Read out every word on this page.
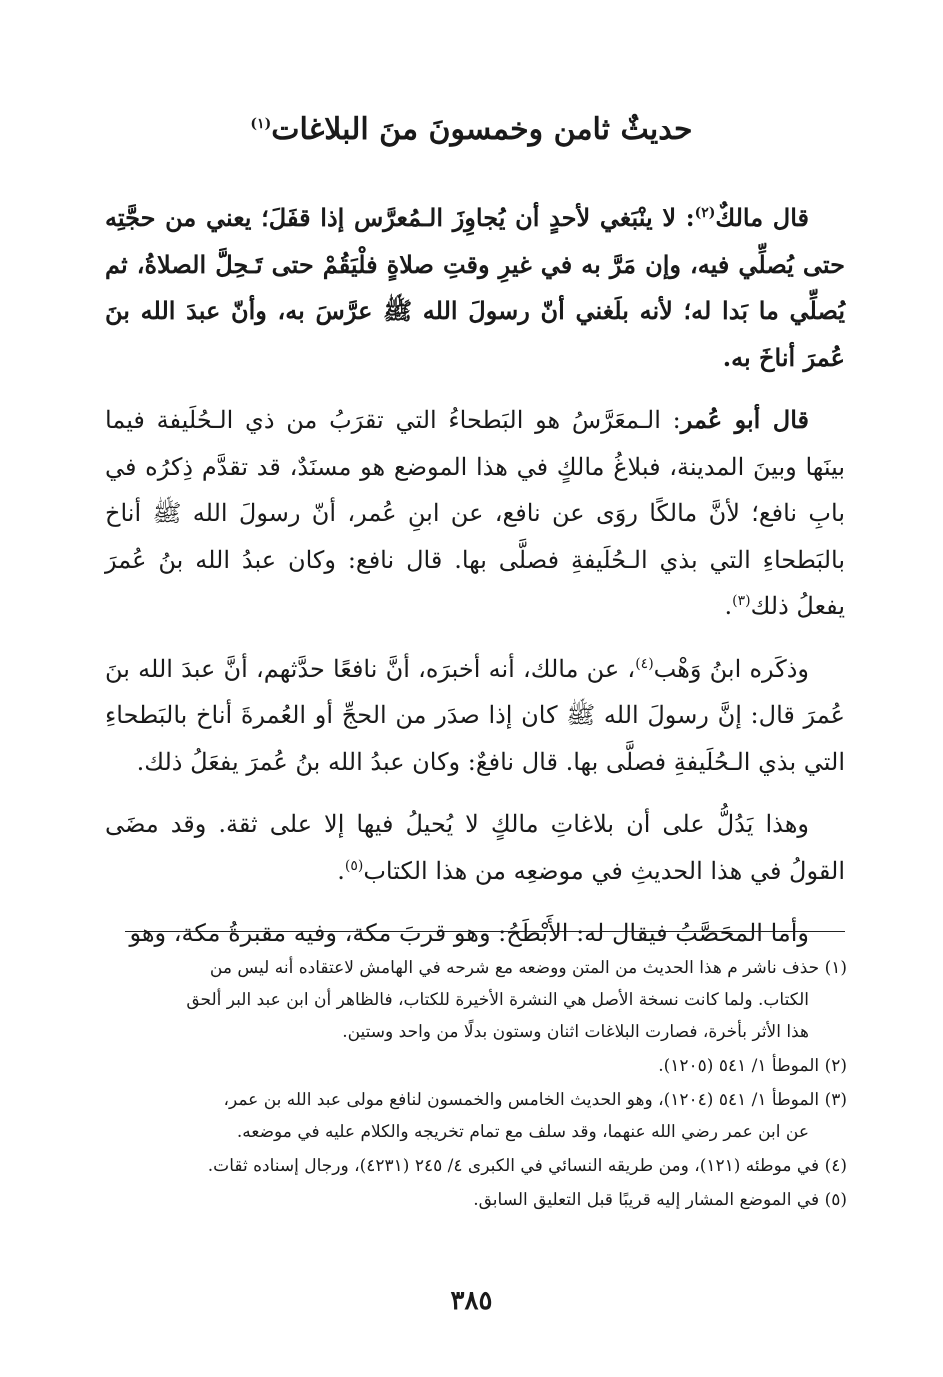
حديثٌ ثامن وخمسونَ منَ البلاغات$^{(١)}$

قال مالكٌ$^{(٢)}$: لا ينْبَغي لأحدٍ أن يُجاوِزَ الـمُعرَّس إذا قفَلَ؛ يعني من حجَّتِه حتى يُصلِّي فيه، وإن مَرَّ به في غيرِ وقتِ صلاةٍ فلْيَقُمْ حتى تَـحِلَّ الصلاةُ، ثم يُصلِّي ما بَدا له؛ لأنه بلَغني أنّ رسولَ الله ﷺ عرَّسَ به، وأنّ عبدَ الله بنَ عُمرَ أناخَ به.

قال أبو عُمر: الـمعَرَّسُ هو البَطحاءُ التي تقرَبُ من ذي الـحُلَيفة فيما بينَها وبينَ المدينة، فبلاغُ مالكٍ في هذا الموضع هو مسنَدٌ، قد تقدَّم ذِكرُه في بابِ نافع؛ لأنَّ مالكًا روَى عن نافع، عن ابنِ عُمر، أنّ رسولَ الله ﷺ أناخ بالبَطحاءِ التي بذي الـحُلَيفةِ فصلَّى بها. قال نافع: وكان عبدُ الله بنُ عُمرَ يفعلُ ذلك$^{(٣)}$.

وذكَره ابنُ وَهْب$^{(٤)}$، عن مالك، أنه أخبرَه، أنَّ نافعًا حدَّثهم، أنَّ عبدَ الله بنَ عُمرَ قال: إنَّ رسولَ الله ﷺ كان إذا صدَر من الحجِّ أو العُمرةَ أناخ بالبَطحاءِ التي بذي الـحُلَيفةِ فصلَّى بها. قال نافعٌ: وكان عبدُ الله بنُ عُمرَ يفعَلُ ذلك.

وهذا يَدُلُّ على أن بلاغاتِ مالكٍ لا يُحيلُ فيها إلا على ثقة. وقد مضَى القولُ في هذا الحديثِ في موضعِه من هذا الكتاب$^{(٥)}$.

وأما المحَصَّبُ فيقال له: الأَبْطَحُ: وهو قربَ مكة، وفيه مقبرةُ مكة، وهو

(١) حذف ناشر م هذا الحديث من المتن ووضعه مع شرحه في الهامش لاعتقاده أنه ليس من
الكتاب. ولما كانت نسخة الأصل هي النشرة الأخيرة للكتاب، فالظاهر أن ابن عبد البر ألحق
هذا الأثر بأخرة، فصارت البلاغات اثنان وستون بدلًا من واحد وستين.
(٢) الموطأ ١/ ٥٤١ (١٢٠٥).
(٣) الموطأ ١/ ٥٤١ (١٢٠٤)، وهو الحديث الخامس والخمسون لنافع مولى عبد الله بن عمر،
عن ابن عمر رضي الله عنهما، وقد سلف مع تمام تخريجه والكلام عليه في موضعه.
(٤) في موطئه (١٢١)، ومن طريقه النسائي في الكبرى ٤/ ٢٤٥ (٤٢٣١)، ورجال إسناده ثقات.
(٥) في الموضع المشار إليه قريبًا قبل التعليق السابق.
٣٨٥
